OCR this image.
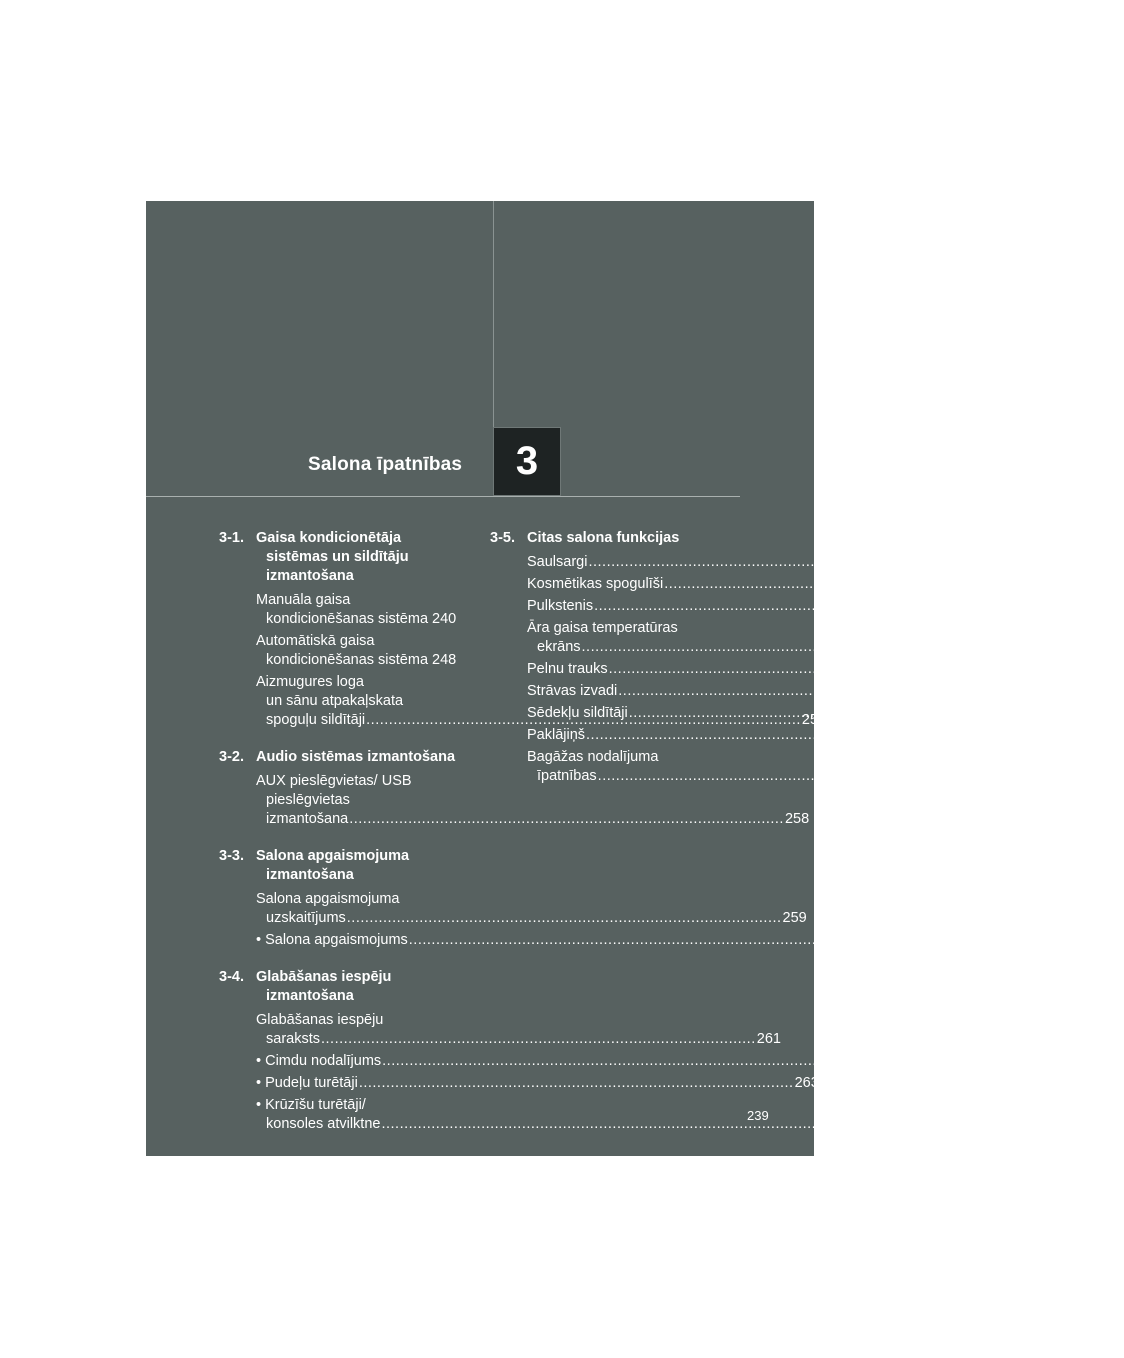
Salona īpatnības	3
3-1. Gaisa kondicionētāja
sistēmas un sildītāju
izmantošana
Manuāla gaisa
kondicionēšanas sistēma 240
Automātiskā gaisa
kondicionēšanas sistēma 248
Aizmugures loga
un sānu atpakaļskata
spoguļu sildītāji .....	256
3-2. Audio sistēmas izmantošana
AUX pieslēgvietas/ USB
pieslēgvietas
izmantošana .....	258
3-3. Salona apgaismojuma
izmantošana
Salona apgaismojuma
uzskaitījums .....	259
• Salona apgaismojums .....	260
3-4. Glabāšanas iespēju
izmantošana
Glabāšanas iespēju
saraksts .....	261
• Cimdu nodalījums .....	262
• Pudeļu turētāji .....	263
• Krūzīšu turētāji/
konsoles atvilktne .....	264
3-5. Citas salona funkcijas
Saulsargi .....	266
Kosmētikas spogulīši .....	267
Pulkstenis .....	268
Āra gaisa temperatūras
ekrāns .....	269
Pelnu trauks .....	270
Strāvas izvadi .....	271
Sēdekļu sildītāji .....	273
Paklājiņš .....	275
Bagāžas nodalījuma
īpatnības .....	278
239
